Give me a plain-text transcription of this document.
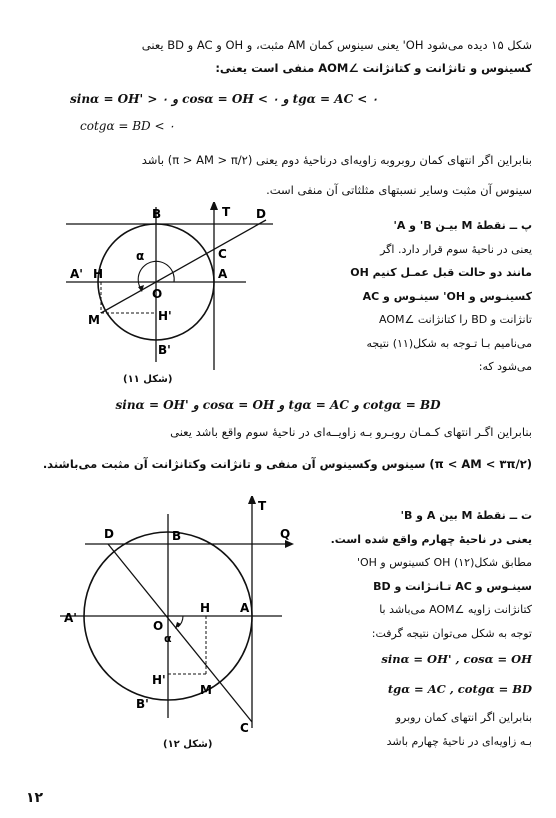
شکل ۱۵ دیده می‌شود OH' یعنی سینوس کمان AM مثبت، و OH و AC و BD یعنی
کسینوس و تانژانت و کتانژانت ∠AOM منفی است یعنی:
sinα = OH' > ۰ و cosα = OH < ۰ و tgα = AC < ۰
cotgα = BD < ۰
بنابراین اگر انتهای کمان روبروبه زاویه‌ای درناحیهٔ دوم یعنی (π > AM > π/۲) باشد
سینوس آن مثبت وسایر نسبتهای مثلثاتی آن منفی است.
B	D
T
C
A
A' H
O
H'
M
B'
α
(شکل ۱۱)
پ ــ نقطهٔ M بیـن B' و A'
یعنی در ناحیهٔ سوم قرار دارد. اگر
مانند دو حالت قبل عمـل کنیم OH
کسینـوس و OH' سینـوس و AC
تانژانت و BD را کتانژانت ∠AOM
می‌نامیم بـا تـوجه به شکل(۱۱) نتیجه
می‌شود که:
sinα = OH' و cosα = OH و tgα = AC و cotgα = BD
بنابراین اگـر انتهای کـمـان روبـرو بـه زاویــه‌ای در ناحیهٔ سوم واقع باشد یعنی
(π < AM < ۳π/۲) سینوس وکسینوس آن منفی و تانژانت وکتانژانت آن مثبت می‌باشند.
D	B
T
Q
A'
O
H A
H'
M
B'
C
α
(شکل ۱۲)
ت ــ نقطهٔ M بین A و B'
یعنی در ناحیهٔ چهارم واقع شده است.
مطابق شکل(۱۲) OH کسینوس و OH'
سینـوس و AC تـانـژانت و BD
کتانژانت زاویه ∠AOM می‌باشد با
توجه به شکل می‌توان نتیجه گرفت:
sinα = OH' , cosα = OH
tgα = AC , cotgα = BD
بنابراین اگر انتهای کمان روبرو
بـه زاویه‌ای در ناحیهٔ چهارم باشد
۱۲
